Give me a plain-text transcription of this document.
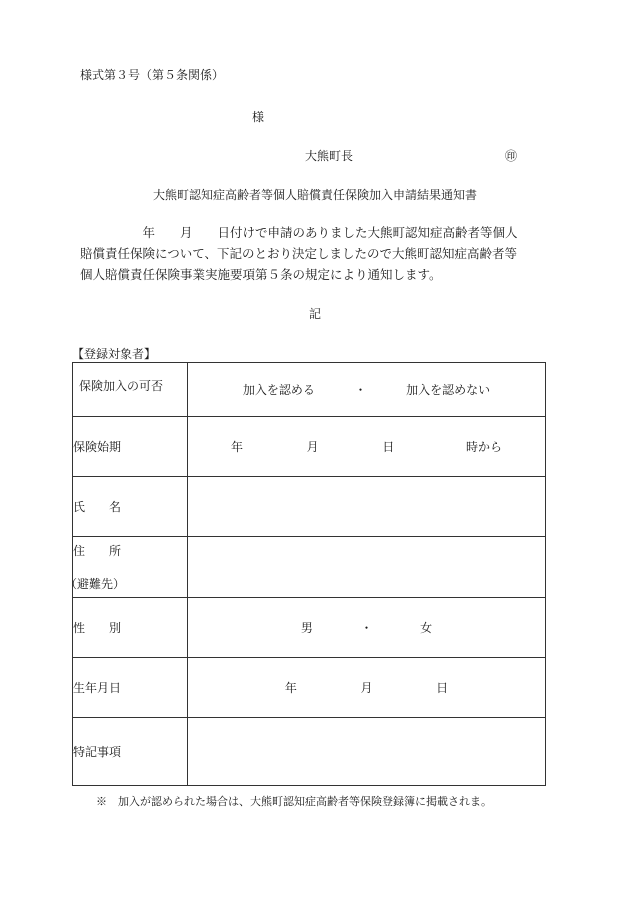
様式第３号（第５条関係）
様
大熊町長	㊞
大熊町認知症高齢者等個人賠償責任保険加入申請結果通知書
　　　　　年　　月　　日付けで申請のありました大熊町認知症高齢者等個人
賠償責任保険について、下記のとおり決定しましたので大熊町認知症高齢者等
個人賠償責任保険事業実施要項第５条の規定により通知します。
記
【登録対象者】
保険加入の可否	加入を認める ・ 加入を認めない
保険始期	年 月 日 時から
氏　　名	

住　　所
（避難先）	

性　　別	男 ・ 女
生年月日	年 月 日
特記事項	
※　加入が認められた場合は、大熊町認知症高齢者等保険登録簿に掲載されま。
